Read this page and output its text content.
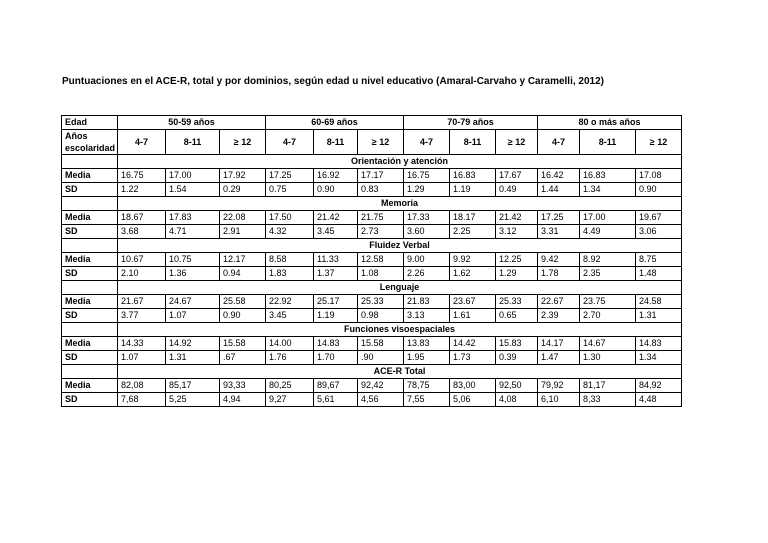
Puntuaciones en el ACE-R, total y por dominios, según edad u nivel educativo (Amaral-Carvaho y Caramelli, 2012)
Edad	50-59 años			60-69 años			70-79 años			80 o más años		
Años escolaridad	4-7	8-11	≥ 12	4-7	8-11	≥ 12	4-7	8-11	≥ 12	4-7	8-11	≥ 12
	Orientación y atención											
Media	16.75	17.00	17.92	17.25	16.92	17.17	16.75	16.83	17.67	16.42	16.83	17.08
SD	1.22	1.54	0.29	0.75	0.90	0.83	1.29	1.19	0.49	1.44	1.34	0.90
	Memoria											
Media	18.67	17.83	22.08	17.50	21.42	21.75	17.33	18.17	21.42	17.25	17.00	19.67
SD	3.68	4.71	2.91	4.32	3.45	2.73	3.60	2.25	3.12	3.31	4.49	3.06
	Fluidez Verbal											
Media	10.67	10.75	12.17	8.58	11.33	12.58	9.00	9.92	12.25	9.42	8.92	8.75
SD	2.10	1.36	0.94	1.83	1.37	1.08	2.26	1.62	1.29	1.78	2.35	1.48
	Lenguaje											
Media	21.67	24.67	25.58	22.92	25.17	25.33	21.83	23.67	25.33	22.67	23.75	24.58
SD	3.77	1.07	0.90	3.45	1.19	0.98	3.13	1.61	0.65	2.39	2.70	1.31
	Funciones visoespaciales											
Media	14.33	14.92	15.58	14.00	14.83	15.58	13.83	14.42	15.83	14.17	14.67	14.83
SD	1.07	1.31	.67	1.76	1.70	.90	1.95	1.73	0.39	1.47	1.30	1.34
	ACE-R Total											
Media	82,08	85,17	93,33	80,25	89,67	92,42	78,75	83,00	92,50	79,92	81,17	84,92
SD	7,68	5,25	4,94	9,27	5,61	4,56	7,55	5,06	4,08	6,10	8,33	4,48
